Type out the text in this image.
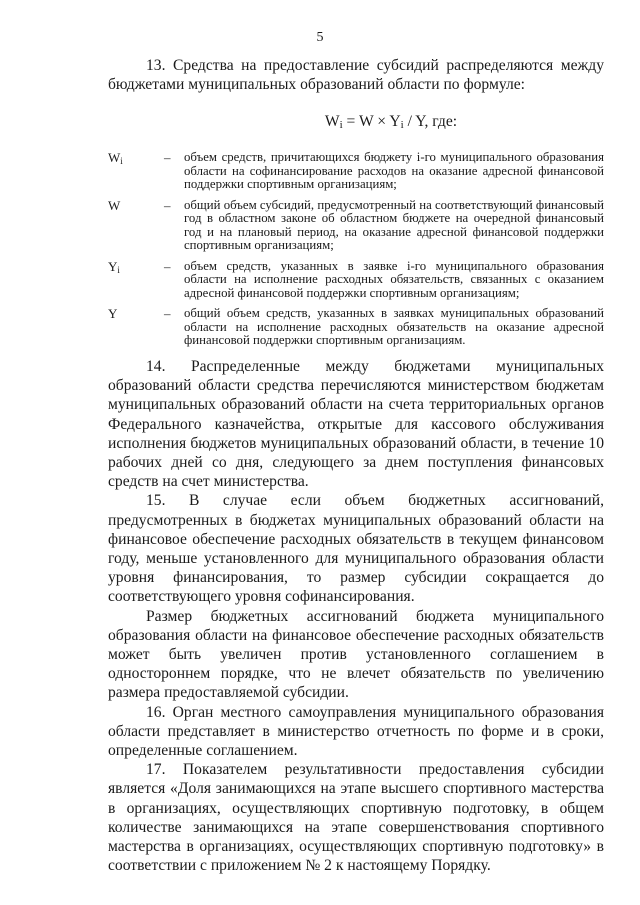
5

13. Средства на предоставление субсидий распределяются между бюджетами муниципальных образований области по формуле:

$W_i = W \times Y_i / Y$, где:
$W_i$	–	объем средств, причитающихся бюджету i-го муниципального образования области на софинансирование расходов на оказание адресной финансовой поддержки спортивным организациям;
W	–	общий объем субсидий, предусмотренный на соответствующий финансовый год в областном законе об областном бюджете на очередной финансовый год и на плановый период, на оказание адресной финансовой поддержки спортивным организациям;
$Y_i$	–	объем средств, указанных в заявке i-го муниципального образования области на исполнение расходных обязательств, связанных с оказанием адресной финансовой поддержки спортивным организациям;
Y	–	общий объем средств, указанных в заявках муниципальных образований области на исполнение расходных обязательств на оказание адресной финансовой поддержки спортивным организациям.

14. Распределенные между бюджетами муниципальных образований области средства перечисляются министерством бюджетам муниципальных образований области на счета территориальных органов Федерального казначейства, открытые для кассового обслуживания исполнения бюджетов муниципальных образований области, в течение 10 рабочих дней со дня, следующего за днем поступления финансовых средств на счет министерства.

15. В случае если объем бюджетных ассигнований, предусмотренных в бюджетах муниципальных образований области на финансовое обеспечение расходных обязательств в текущем финансовом году, меньше установленного для муниципального образования области уровня финансирования, то размер субсидии сокращается до соответствующего уровня софинансирования.

Размер бюджетных ассигнований бюджета муниципального образования области на финансовое обеспечение расходных обязательств может быть увеличен против установленного соглашением в одностороннем порядке, что не влечет обязательств по увеличению размера предоставляемой субсидии.

16. Орган местного самоуправления муниципального образования области представляет в министерство отчетность по форме и в сроки, определенные соглашением.

17. Показателем результативности предоставления субсидии является «Доля занимающихся на этапе высшего спортивного мастерства в организациях, осуществляющих спортивную подготовку, в общем количестве занимающихся на этапе совершенствования спортивного мастерства в организациях, осуществляющих спортивную подготовку» в соответствии с приложением № 2 к настоящему Порядку.
